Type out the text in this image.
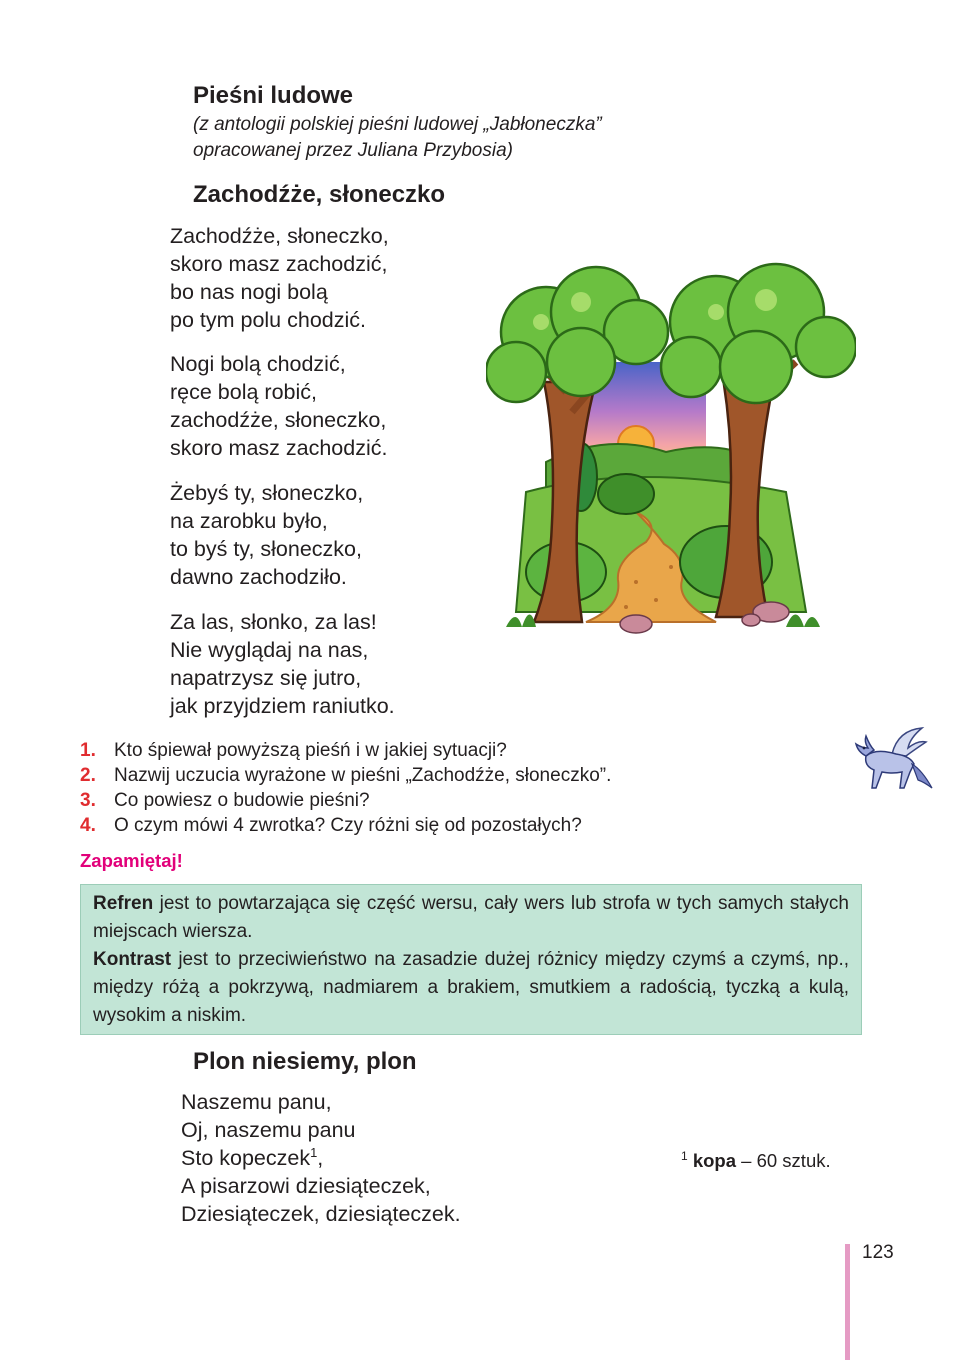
Pieśni ludowe
(z antologii polskiej pieśni ludowej „Jabłoneczka”
opracowanej przez Juliana Przybosia)
Zachodźże, słoneczko
Zachodźże, słoneczko,
skoro masz zachodzić,
bo nas nogi bolą
po tym polu chodzić.
Nogi bolą chodzić,
ręce bolą robić,
zachodźże, słoneczko,
skoro masz zachodzić.
Żebyś ty, słoneczko,
na zarobku było,
to byś ty, słoneczko,
dawno zachodziło.
Za las, słonko, za las!
Nie wyglądaj na nas,
napatrzysz się jutro,
jak przyjdziem raniutko.
1. Kto śpiewał powyższą pieśń i w jakiej sytuacji?
2. Nazwij uczucia wyrażone w pieśni „Zachodźże, słoneczko”.
3. Co powiesz o budowie pieśni?
4. O czym mówi 4 zwrotka? Czy różni się od pozostałych?
Zapamiętaj!

Refren jest to powtarzająca się część wersu, cały wers lub strofa w tych samych stałych miejscach wiersza.

Kontrast jest to przeciwieństwo na zasadzie dużej różnicy między czymś a czymś, np., między różą a pokrzywą, nadmiarem a brakiem, smutkiem a radością, tyczką a kulą, wysokim a niskim.

Plon niesiemy, plon
Naszemu panu,
Oj, naszemu panu
Sto kopeczek$^1$,
A pisarzowi dziesiąteczek,
Dziesiąteczek, dziesiąteczek.
$^1$ kopa – 60 sztuk.
123
